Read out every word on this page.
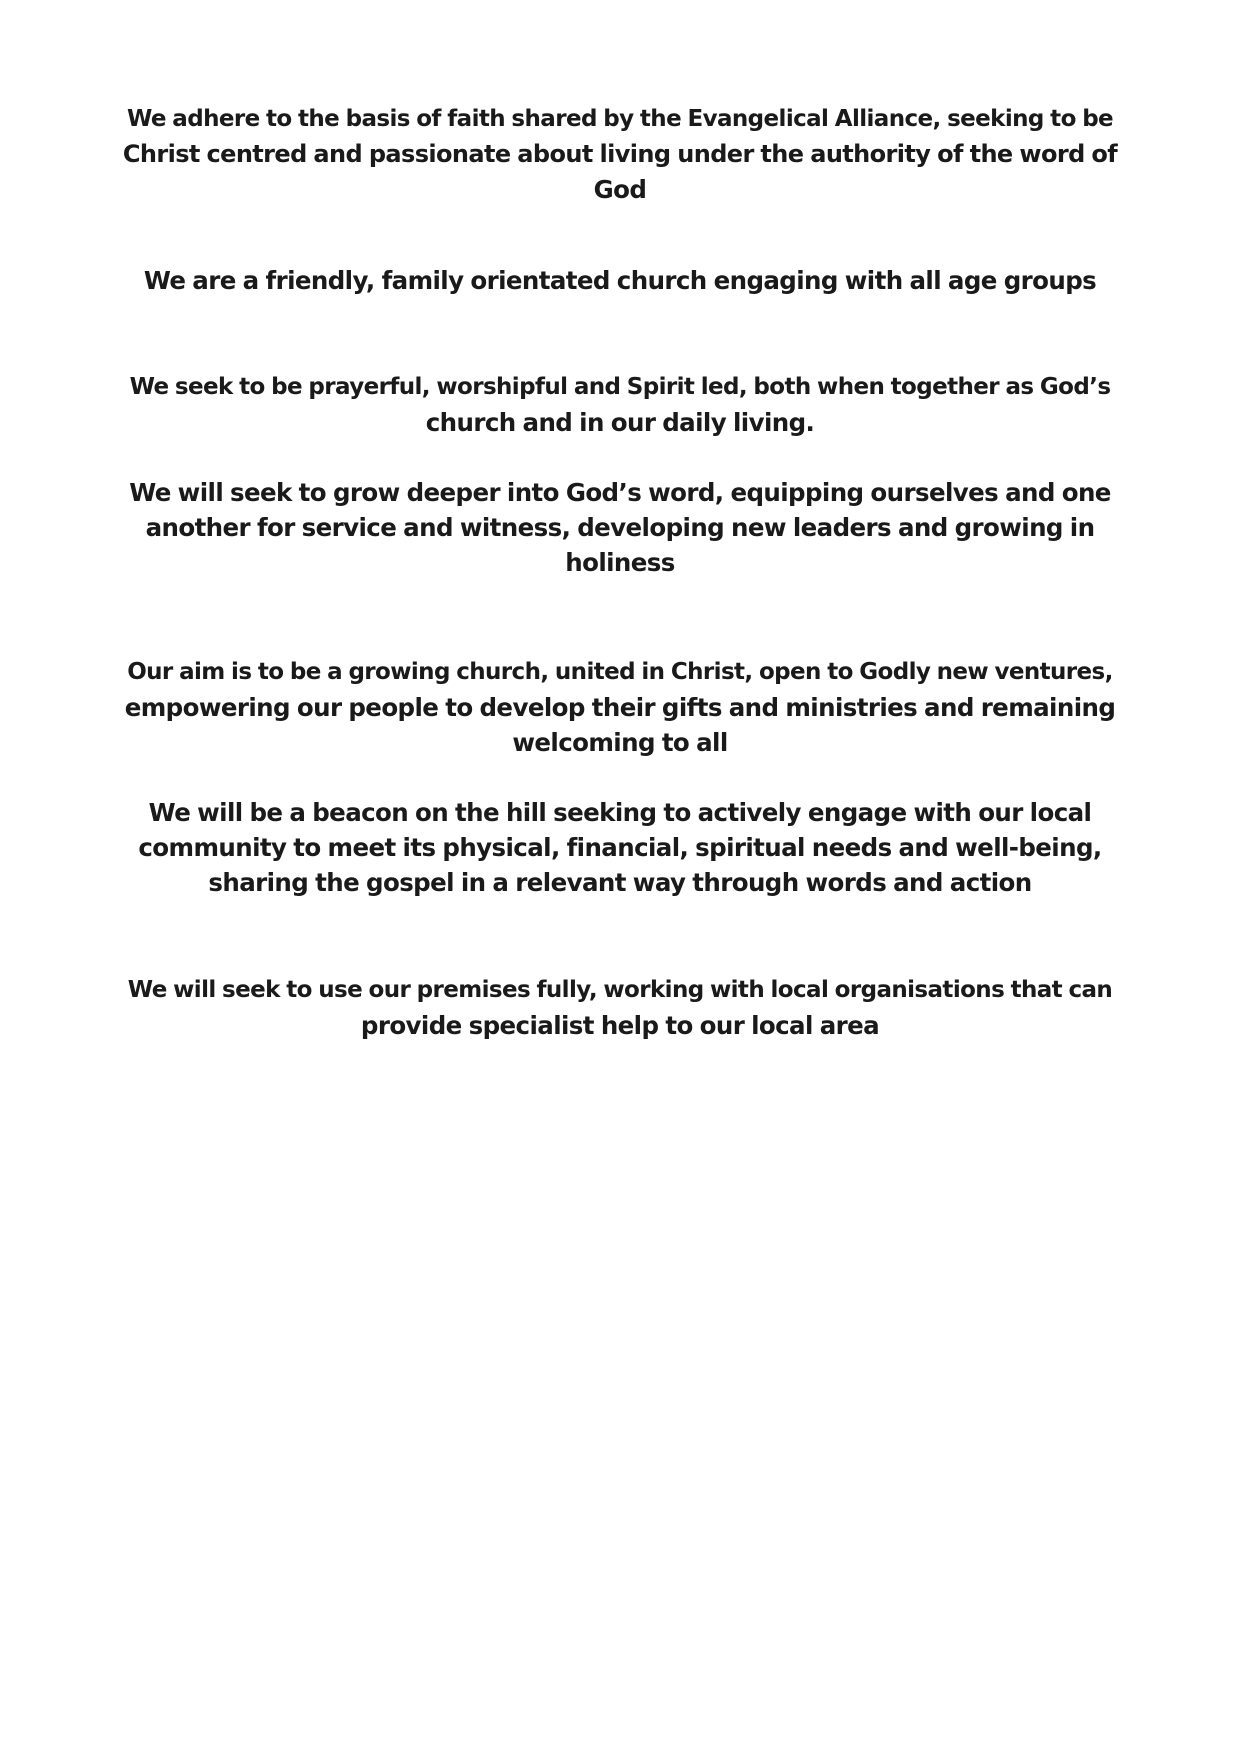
We adhere to the basis of faith shared by the Evangelical Alliance, seeking to be
Christ centred and passionate about living under the authority of the word of
God

We are a friendly, family orientated church engaging with all age groups

We seek to be prayerful, worshipful and Spirit led, both when together as God’s
church and in our daily living.

We will seek to grow deeper into God’s word, equipping ourselves and one
another for service and witness, developing new leaders and growing in
holiness

Our aim is to be a growing church, united in Christ, open to Godly new ventures,
empowering our people to develop their gifts and ministries and remaining
welcoming to all

We will be a beacon on the hill seeking to actively engage with our local
community to meet its physical, financial, spiritual needs and well-being,
sharing the gospel in a relevant way through words and action

We will seek to use our premises fully, working with local organisations that can
provide specialist help to our local area
